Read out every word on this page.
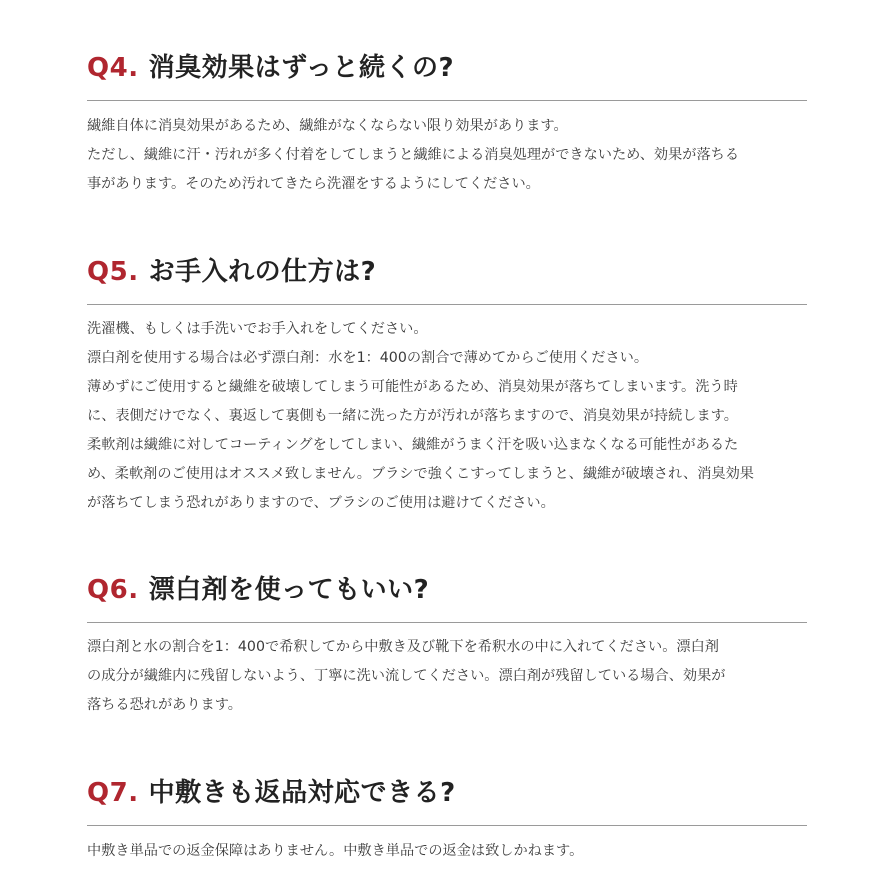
Q4. 消臭効果はずっと続くの?
繊維自体に消臭効果があるため、繊維がなくならない限り効果があります。
ただし、繊維に汗・汚れが多く付着をしてしまうと繊維による消臭処理ができないため、効果が落ちる
事があります。そのため汚れてきたら洗濯をするようにしてください。
Q5. お手入れの仕方は?
洗濯機、もしくは手洗いでお手入れをしてください。
漂白剤を使用する場合は必ず漂白剤：水を1：400の割合で薄めてからご使用ください。
薄めずにご使用すると繊維を破壊してしまう可能性があるため、消臭効果が落ちてしまいます。洗う時
に、表側だけでなく、裏返して裏側も一緒に洗った方が汚れが落ちますので、消臭効果が持続します。
柔軟剤は繊維に対してコーティングをしてしまい、繊維がうまく汗を吸い込まなくなる可能性があるた
め、柔軟剤のご使用はオススメ致しません。ブラシで強くこすってしまうと、繊維が破壊され、消臭効果
が落ちてしまう恐れがありますので、ブラシのご使用は避けてください。
Q6. 漂白剤を使ってもいい?
漂白剤と水の割合を1：400で希釈してから中敷き及び靴下を希釈水の中に入れてください。漂白剤
の成分が繊維内に残留しないよう、丁寧に洗い流してください。漂白剤が残留している場合、効果が
落ちる恐れがあります。
Q7. 中敷きも返品対応できる?
中敷き単品での返金保障はありません。中敷き単品での返金は致しかねます。
